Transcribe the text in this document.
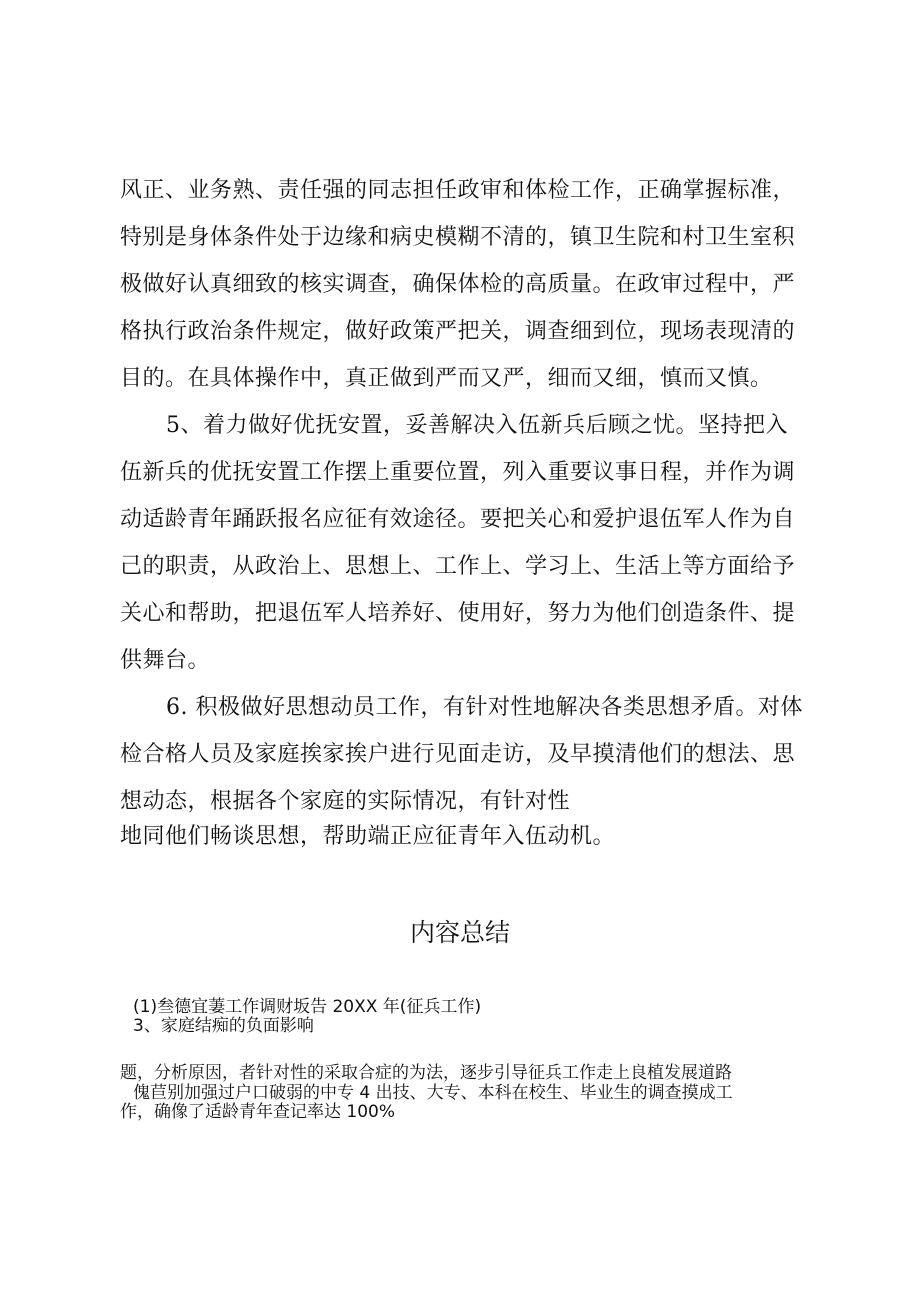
风正、业务熟、责任强的同志担任政审和体检工作，正确掌握标准，
特别是身体条件处于边缘和病史模糊不清的，镇卫生院和村卫生室积
极做好认真细致的核实调查，确保体检的高质量。在政审过程中，严
格执行政治条件规定，做好政策严把关，调查细到位，现场表现清的
目的。在具体操作中，真正做到严而又严，细而又细，慎而又慎。
5、着力做好优抚安置，妥善解决入伍新兵后顾之忧。坚持把入
伍新兵的优抚安置工作摆上重要位置，列入重要议事日程，并作为调
动适龄青年踊跃报名应征有效途径。要把关心和爱护退伍军人作为自
己的职责，从政治上、思想上、工作上、学习上、生活上等方面给予
关心和帮助，把退伍军人培养好、使用好，努力为他们创造条件、提
供舞台。
6. 积极做好思想动员工作，有针对性地解决各类思想矛盾。对体
检合格人员及家庭挨家挨户进行见面走访，及早摸清他们的想法、思
想动态，根据各个家庭的实际情况，有针对性
地同他们畅谈思想，帮助端正应征青年入伍动机。
内容总结
(1)叁德宜萋工作调财坂告 20XX 年(征兵工作)
3、家庭结痴的负面影响
题，分析原因，者针对性的采取合症的为法，逐步引导征兵工作走上良植发展道路
傀苣别加强过户口破弱的中专 4 出技、大专、本科在校生、毕业生的调查摸成工
作，确像了适龄青年查记率达 100%
